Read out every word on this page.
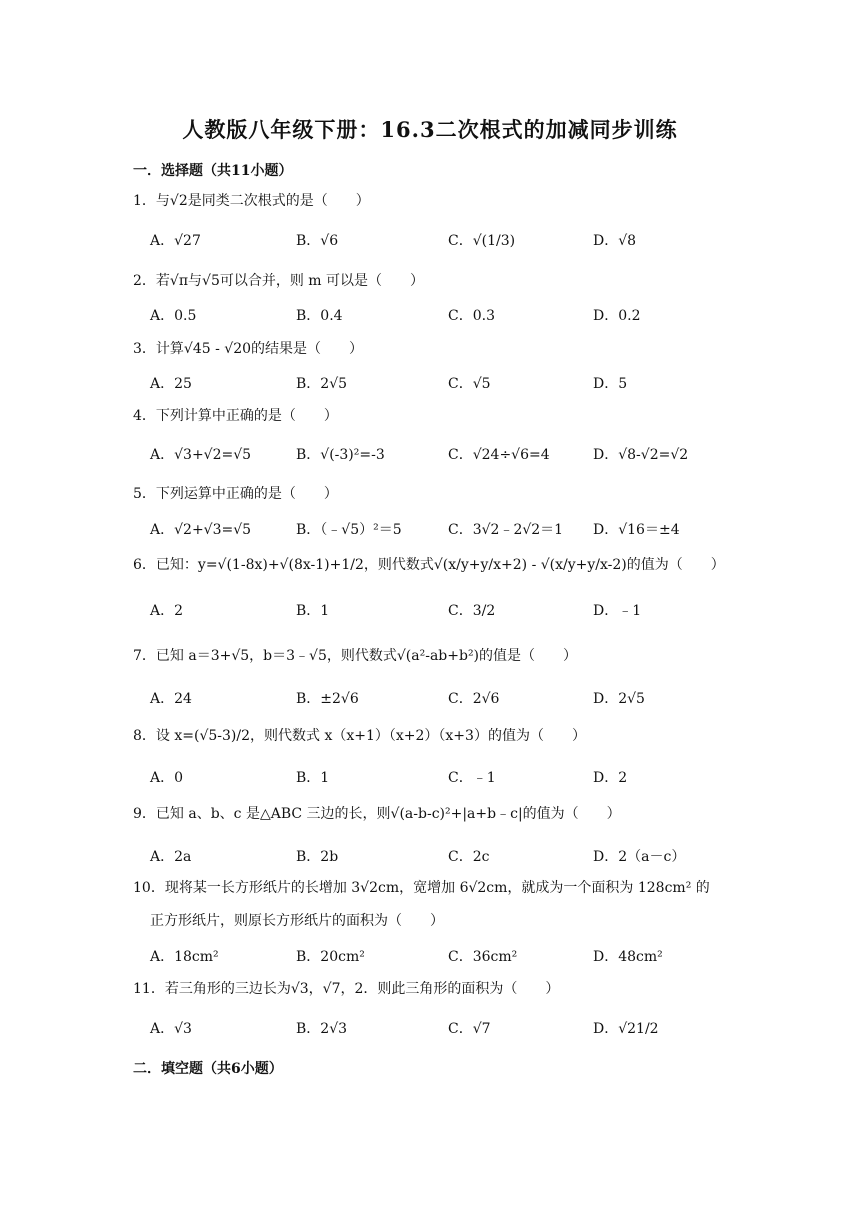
人教版八年级下册：16.3二次根式的加减同步训练
一．选择题（共11小题）
1．与√2是同类二次根式的是（　　）
A．√27	B．√6	C．√(1/3)	D．√8
2．若√π与√5可以合并，则 m 可以是（　　）
A．0.5	B．0.4	C．0.3	D．0.2
3．计算√45 - √20的结果是（　　）
A．25	B．2√5	C．√5	D．5
4．下列计算中正确的是（　　）
A．√3+√2=√5	B．√(-3)²=-3	C．√24÷√6=4	D．√8-√2=√2
5．下列运算中正确的是（　　）
A．√2+√3=√5	B．（﹣√5）²＝5	C．3√2﹣2√2＝1 D．√16＝±4
6．已知：y=√(1-8x)+√(8x-1)+1/2，则代数式√(x/y+y/x+2) - √(x/y+y/x-2)的值为（　　）
A．2	B．1	C．3/2	D．﹣1
7．已知 a＝3+√5，b＝3﹣√5，则代数式√(a²-ab+b²)的值是（　　）
A．24	B．±2√6	C．2√6	D．2√5
8．设 x=(√5-3)/2，则代数式 x（x+1）（x+2）（x+3）的值为（　　）
A．0	B．1	C．﹣1	D．2
9．已知 a、b、c 是△ABC 三边的长，则√(a-b-c)²+|a+b﹣c|的值为（　　）
A．2a	B．2b	C．2c	D．2（a－c）
10．现将某一长方形纸片的长增加 3√2cm，宽增加 6√2cm，就成为一个面积为 128cm² 的
正方形纸片，则原长方形纸片的面积为（　　）
A．18cm²	B．20cm²	C．36cm²	D．48cm²
11．若三角形的三边长为√3，√7，2．则此三角形的面积为（　　）
A．√3	B．2√3	C．√7	D．√21/2
二．填空题（共6小题）
